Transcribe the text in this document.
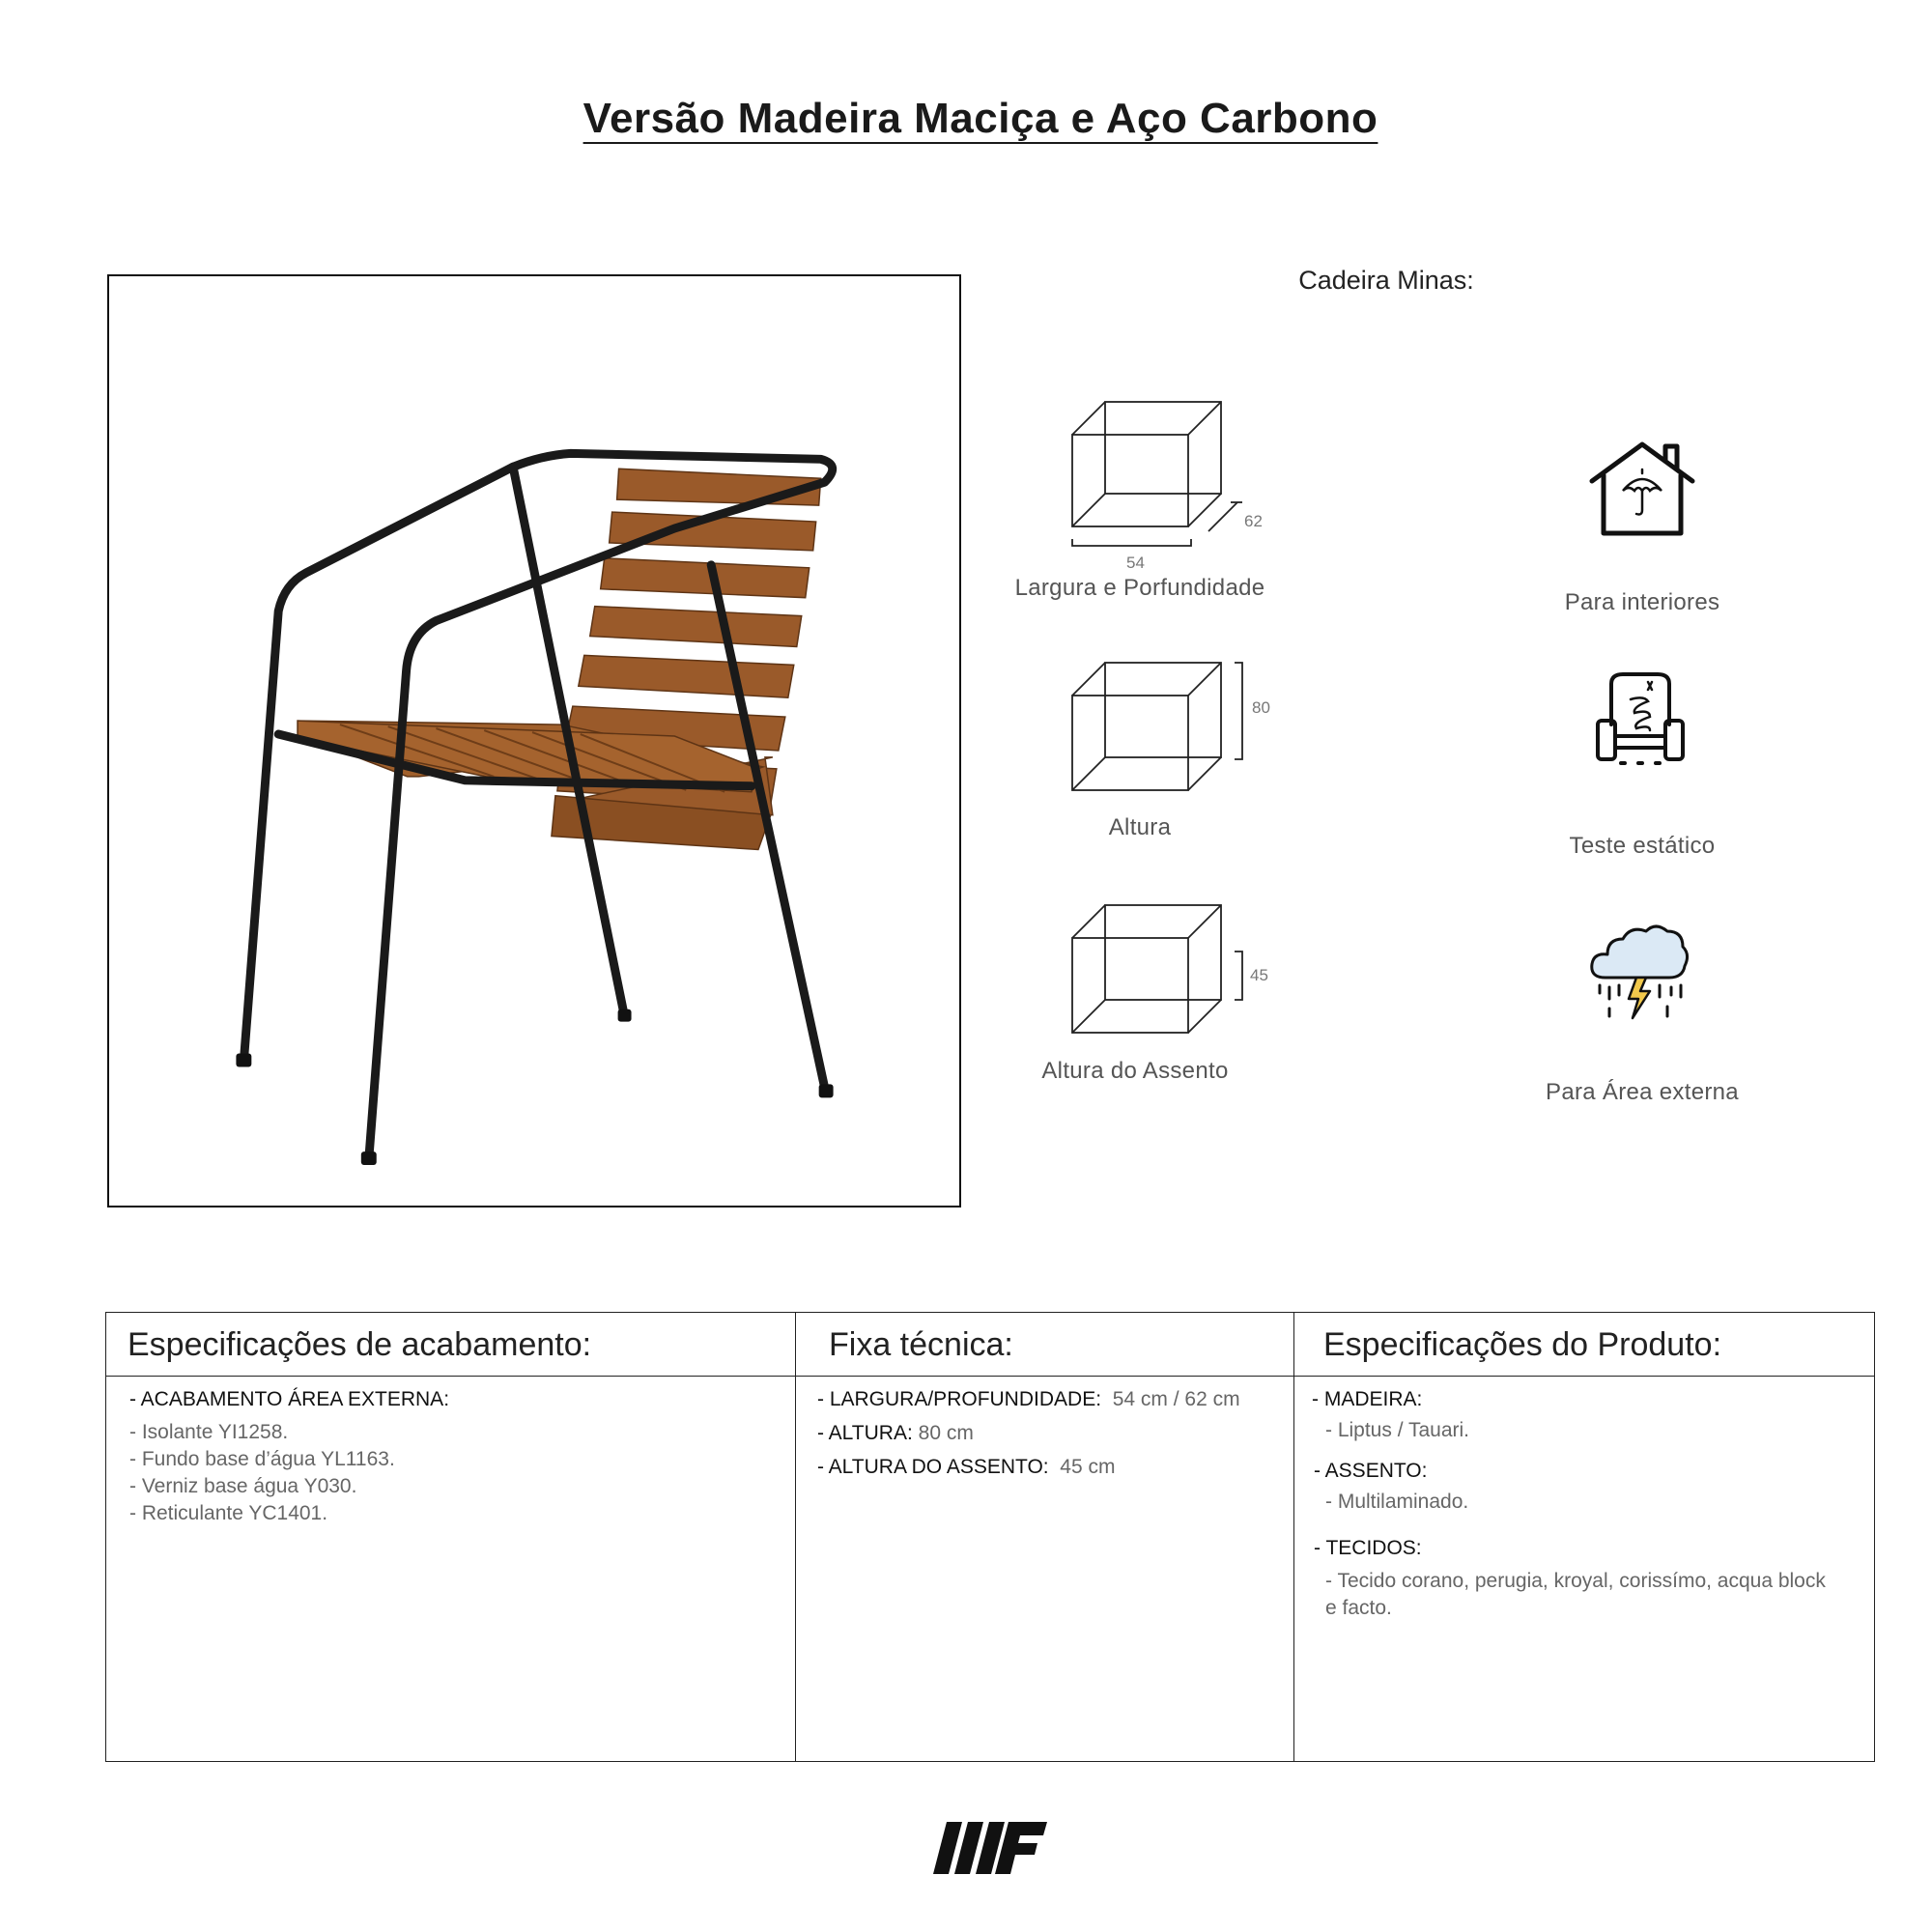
Versão Madeira Maciça e Aço Carbono
Cadeira Minas:
54
62
Largura e Porfundidade
80
Altura
45
Altura do Assento
Para interiores
Teste estático
Para Área externa
Especificações de acabamento:
- ACABAMENTO ÁREA EXTERNA:
- Isolante YI1258.
- Fundo base d’água YL1163.
- Verniz base água Y030.
- Reticulante YC1401.
Fixa técnica:
- LARGURA/PROFUNDIDADE: 54 cm / 62 cm
- ALTURA: 80 cm
- ALTURA DO ASSENTO: 45 cm
Especificações do Produto:
- MADEIRA:
- Liptus / Tauari.
- ASSENTO:
- Multilaminado.
- TECIDOS:
- Tecido corano, perugia, kroyal, corissímo, acqua block e facto.
